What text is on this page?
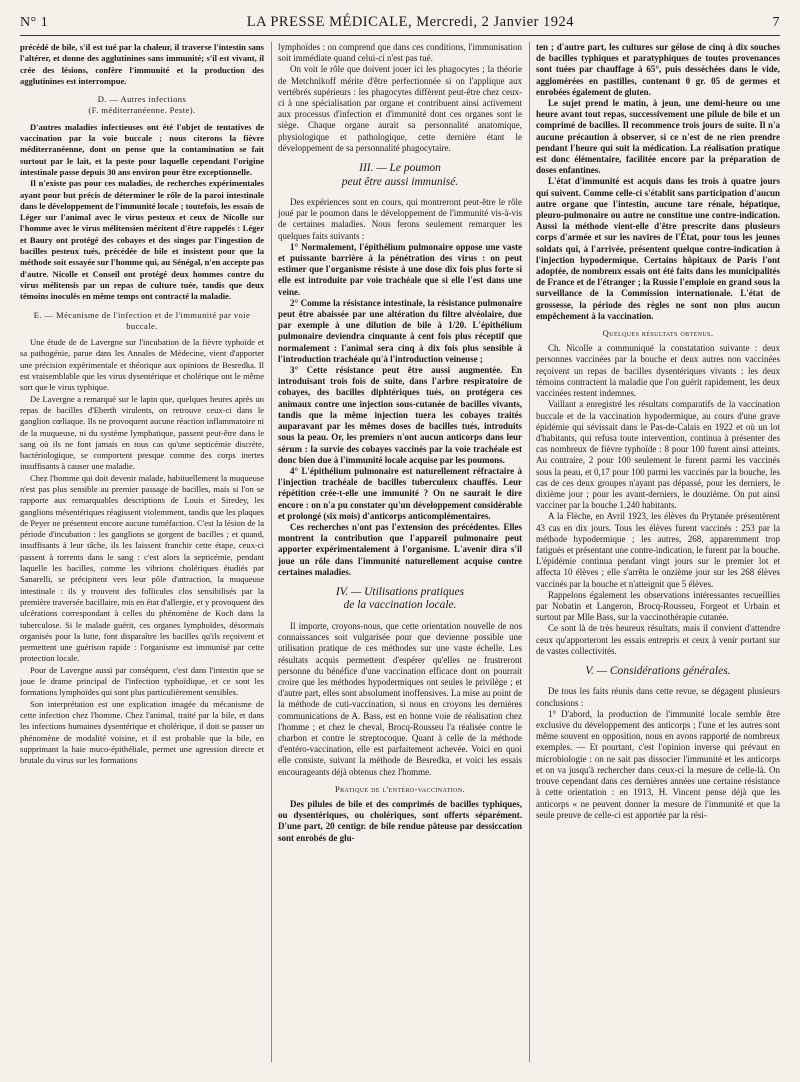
N° 1	LA PRESSE MÉDICALE, Mercredi, 2 Janvier 1924	7

précédé de bile, s'il est tué par la chaleur, il traverse l'intestin sans l'altérer, et donne des agglutinines sans immunité; s'il est vivant, il crée des lésions, confère l'immunité et la production des agglutinines est interrompue.

D. — Autres infections
(F. méditerranéenne. Peste).

D'autres maladies infectieuses ont été l'objet de tentatives de vaccination par la voie buccale ; nous citerons la fièvre méditerranéenne, dont on pense que la contamination se fait surtout par le lait, et la peste pour laquelle cependant l'origine intestinale passe depuis 30 ans environ pour être exceptionnelle.

Il n'existe pas pour ces maladies, de recherches expérimentales ayant pour but précis de déterminer le rôle de la paroi intestinale dans le développement de l'immunité locale ; toutefois, les essais de Léger sur l'animal avec le virus pesteux et ceux de Nicolle sur l'homme avec le virus mélitensien méritent d'être rappelés : Léger et Baury ont protégé des cobayes et des singes par l'ingestion de bacilles pesteux tués, précédée de bile et insistent pour que la méthode soit essayée sur l'homme qui, au Sénégal, n'en accepte pas d'autre. Nicolle et Conseil ont protégé deux hommes contre du virus mélitensis par un repas de culture tuée, tandis que deux témoins inoculés en même temps ont contracté la maladie.

E. — Mécanisme de l'infection et de l'immunité par voie buccale.

Une étude de de Lavergne sur l'incubation de la fièvre typhoïde et sa pathogénie, parue dans les Annales de Médecine, vient d'apporter une précision expérimentale et théorique aux opinions de Besredka. Il est vraisemblable que les virus dysentérique et cholérique ont le même sort que le virus typhique.

De Lavergne a remarqué sur le lapin que, quelques heures après un repas de bacilles d'Eberth virulents, on retrouve ceux-ci dans le ganglion cœliaque. Ils ne provoquent aucune réaction inflammatoire ni de la muqueuse, ni du système lymphatique, passent peut-être dans le sang où ils ne font jamais en tous cas qu'une septicémie discrète, bactériologique, se comportent presque comme des corps inertes insuffisants à causer une maladie.

Chez l'homme qui doit devenir malade, habituellement la muqueuse n'est pas plus sensible au premier passage de bacilles, mais si l'on se rapporte aux remarquables descriptions de Louis et Siredey, les ganglions mésentériques réagissent violemment, tandis que les plaques de Peyer ne présentent encore aucune tuméfaction. C'est la lésion de la période d'incubation : les ganglions se gorgent de bacilles ; et quand, insuffisants à leur tâche, ils les laissent franchir cette étape, ceux-ci passent à torrents dans le sang : c'est alors la septicémie, pendant laquelle les bacilles, comme les vibrions cholériques étudiés par Sanarelli, se précipitent vers leur pôle d'attraction, la muqueuse intestinale : ils y trouvent des follicules clos sensibilisés par la première traversée bacillaire, mis en état d'allergie, et y provoquent des ulcérations correspondant à celles du phénomène de Koch dans la tuberculose. Si le malade guérit, ces organes lymphoïdes, désormais organisés pour la lutte, font disparaître les bacilles qu'ils reçoivent et permettent une guérison rapide : l'organisme est immunisé par cette protection locale.

Pour de Lavergne aussi par conséquent, c'est dans l'intestin que se joue le drame principal de l'infection typhoïdique, et ce sont les formations lymphoïdes qui sont plus particulièrement sensibles.

Son interprétation est une explication imagée du mécanisme de cette infection chez l'homme. Chez l'animal, traité par la bile, et dans les infections humaines dysentérique et cholérique, il doit se passer un phénomène de modalité voisine, et il est probable que la bile, en supprimant la haie muco-épithéliale, permet une agression directe et brutale du virus sur les formations

lymphoïdes : on comprend que dans ces conditions, l'immunisation soit immédiate quand celui-ci n'est pas tué.

On voit le rôle que doivent jouer ici les phagocytes ; la théorie de Metchnikoff mérite d'être perfectionnée si on l'applique aux vertébrés supérieurs : les phagocytes diffèrent peut-être chez ceux-ci à une spécialisation par organe et contribuent ainsi activement aux processus d'infection et d'immunité dont ces organes sont le siège. Chaque organe aurait sa personnalité anatomique, physiologique et pathologique, cette dernière étant le développement de sa personnalité phagocytaire.

III. — Le poumon
peut être aussi immunisé.

Des expériences sont en cours, qui montreront peut-être le rôle joué par le poumon dans le développement de l'immunité vis-à-vis de certaines maladies. Nous ferons seulement remarquer les quelques faits suivants :

1° Normalement, l'épithélium pulmonaire oppose une vaste et puissante barrière à la pénétration des virus : on peut estimer que l'organisme résiste à une dose dix fois plus forte si elle est introduite par voie trachéale que si elle l'est dans une veine.

2° Comme la résistance intestinale, la résistance pulmonaire peut être abaissée par une altération du filtre alvéolaire, due par exemple à une dilution de bile à 1/20. L'épithélium pulmonaire deviendra cinquante à cent fois plus réceptif que normalement : l'animal sera cinq à dix fois plus sensible à l'introduction trachéale qu'à l'introduction veineuse ;

3° Cette résistance peut être aussi augmentée. En introduisant trois fois de suite, dans l'arbre respiratoire de cobayes, des bacilles diphtériques tués, on protégera ces animaux contre une injection sous-cutanée de bacilles vivants, tandis que la même injection tuera les cobayes traités auparavant par les mêmes doses de bacilles tués, introduits sous la peau. Or, les premiers n'ont aucun anticorps dans leur sérum : la survie des cobayes vaccinés par la voie trachéale est donc bien due à l'immunité locale acquise par les poumons.

4° L'épithélium pulmonaire est naturellement réfractaire à l'injection trachéale de bacilles tuberculeux chauffés. Leur répétition crée-t-elle une immunité ? On ne saurait le dire encore : on n'a pu constater qu'un développement considérable et prolongé (six mois) d'anticorps anticomplémentaires.

Ces recherches n'ont pas l'extension des précédentes. Elles montrent la contribution que l'appareil pulmonaire peut apporter expérimentalement à l'organisme. L'avenir dira s'il joue un rôle dans l'immunité naturellement acquise contre certaines maladies.

IV. — Utilisations pratiques
de la vaccination locale.

Il importe, croyons-nous, que cette orientation nouvelle de nos connaissances soit vulgarisée pour que devienne possible une utilisation pratique de ces méthodes sur une vaste échelle. Les résultats acquis permettent d'espérer qu'elles ne frustreront personne du bénéfice d'une vaccination efficace dont on pourrait croire que les méthodes hypodermiques ont seules le privilège ; et d'autre part, elles sont absolument inoffensives. La mise au point de la méthode de cuti-vaccination, si nous en croyons les dernières communications de A. Bass, est en bonne voie de réalisation chez l'homme ; et chez le cheval, Brocq-Rousseu l'a réalisée contre le charbon et contre le streptocoque. Quant à celle de la méthode d'entéro-vaccination, elle est parfaitement achevée. Voici en quoi elle consiste, suivant la méthode de Besredka, et voici les essais encourageants déjà obtenus chez l'homme.

Pratique de l'entéro-vaccination.

Des pilules de bile et des comprimés de bacilles typhiques, ou dysentériques, ou cholériques, sont offerts séparément. D'une part, 20 centigr. de bile rendue pâteuse par dessiccation sont enrobés de glu-

ten ; d'autre part, les cultures sur gélose de cinq à dix souches de bacilles typhiques et paratyphiques de toutes provenances sont tuées par chauffage à 65°, puis desséchées dans le vide, agglomérées en pastilles, contenant 0 gr. 05 de germes et enrobées également de gluten.

Le sujet prend le matin, à jeun, une demi-heure ou une heure avant tout repas, successivement une pilule de bile et un comprimé de bacilles. Il recommence trois jours de suite. Il n'a aucune précaution à observer, si ce n'est de ne rien prendre pendant l'heure qui suit la médication. La réalisation pratique est donc élémentaire, facilitée encore par la préparation de doses enfantines.

L'état d'immunité est acquis dans les trois à quatre jours qui suivent. Comme celle-ci s'établit sans participation d'aucun autre organe que l'intestin, aucune tare rénale, hépatique, pleuro-pulmonaire ou autre ne constitue une contre-indication. Aussi la méthode vient-elle d'être prescrite dans plusieurs corps d'armée et sur les navires de l'État, pour tous les jeunes soldats qui, à l'arrivée, présentent quelque contre-indication à l'injection hypodermique. Certains hôpitaux de Paris l'ont adoptée, de nombreux essais ont été faits dans les municipalités de France et de l'étranger ; la Russie l'emploie en grand sous la surveillance de la Commission internationale. L'état de grossesse, la période des règles ne sont non plus aucun empêchement à la vaccination.

Quelques résultats obtenus.

Ch. Nicolle a communiqué la constatation suivante : deux personnes vaccinées par la bouche et deux autres non vaccinées reçoivent un repas de bacilles dysentériques vivants : les deux témoins contractent la maladie que l'on guérit rapidement, les deux vaccinées restent indemnes.

Vaillant a enregistré les résultats comparatifs de la vaccination buccale et de la vaccination hypodermique, au cours d'une grave épidémie qui sévissait dans le Pas-de-Calais en 1922 et où un lot d'habitants, qui refusa toute intervention, continua à présenter des cas nombreux de fièvre typhoïde : 8 pour 100 furent ainsi atteints. Au contraire, 2 pour 100 seulement le furent parmi les vaccinés sous la peau, et 0,17 pour 100 parmi les vaccinés par la bouche, les cas de ces deux groupes n'ayant pas dépassé, pour les derniers, le dixième jour ; pour les avant-derniers, le douzième. On put ainsi vacciner par la bouche 1.240 habitants.

A la Flèche, en Avril 1923, les élèves du Prytanée présentèrent 43 cas en dix jours. Tous les élèves furent vaccinés : 253 par la méthode hypodermique ; les autres, 268, apparemment trop fatigués et présentant une contre-indication, le furent par la bouche. L'épidémie continua pendant vingt jours sur le premier lot et affecta 10 élèves ; elle s'arrêta le onzième jour sur les 268 élèves vaccinés par la bouche et n'atteignit que 5 élèves.

Rappelons également les observations intéressantes recueillies par Nobatin et Langeron, Brocq-Rousseu, Forgeot et Urbain et surtout par Mlle Bass, sur la vaccinothérapie cutanée.

Ce sont là de très heureux résultats, mais il convient d'attendre ceux qu'apporteront les essais entrepris et ceux à venir portant sur de vastes collectivités.

V. — Considérations générales.

De tous les faits réunis dans cette revue, se dégagent plusieurs conclusions :

1° D'abord, la production de l'immunité locale semble être exclusive du développement des anticorps ; l'une et les autres sont même souvent en opposition, nous en avons rapporté de nombreux exemples. — Et pourtant, c'est l'opinion inverse qui prévaut en microbiologie : on ne sait pas dissocier l'immunité et les anticorps et on va jusqu'à rechercher dans ceux-ci la mesure de celle-là. On trouve cependant dans ces dernières années une certaine résistance à cette orientation : en 1913, H. Vincent pense déjà que les anticorps « ne peuvent donner la mesure de l'immunité et que la seule preuve de celle-ci est apportée par la rési-
